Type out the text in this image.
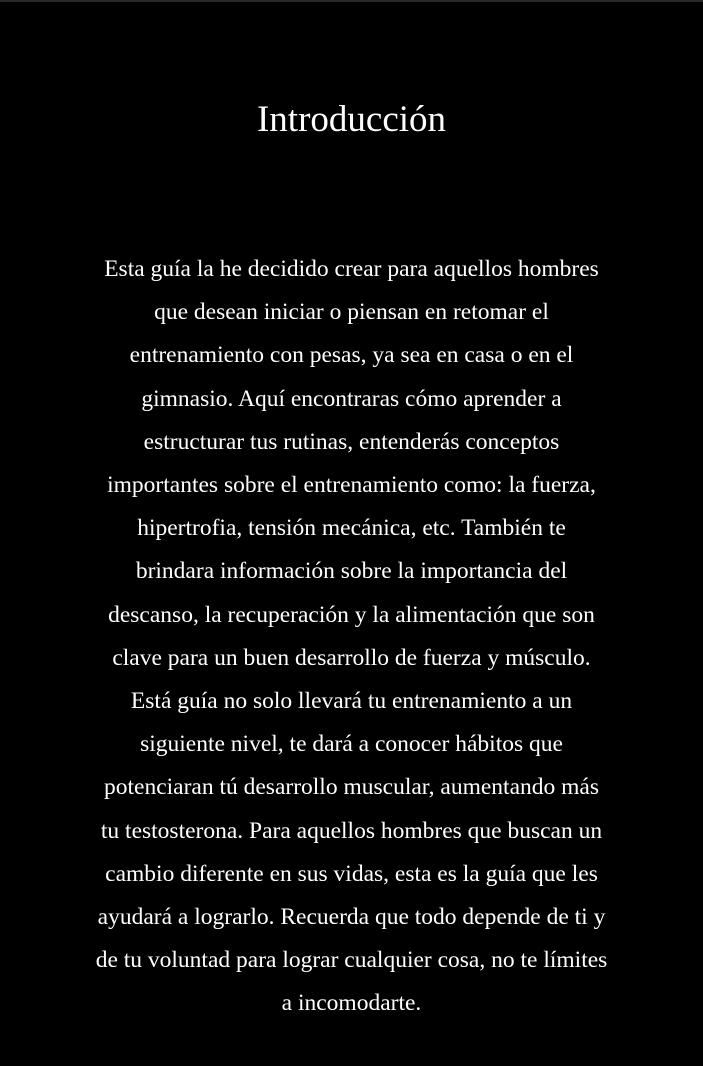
Introducción

Esta guía la he decidido crear para aquellos hombres
que desean iniciar o piensan en retomar el
entrenamiento con pesas, ya sea en casa o en el
gimnasio. Aquí encontraras cómo aprender a
estructurar tus rutinas, entenderás conceptos
importantes sobre el entrenamiento como: la fuerza,
hipertrofia, tensión mecánica, etc. También te
brindara información sobre la importancia del
descanso, la recuperación y la alimentación que son
clave para un buen desarrollo de fuerza y músculo.
Está guía no solo llevará tu entrenamiento a un
siguiente nivel, te dará a conocer hábitos que
potenciaran tú desarrollo muscular, aumentando más
tu testosterona. Para aquellos hombres que buscan un
cambio diferente en sus vidas, esta es la guía que les
ayudará a lograrlo. Recuerda que todo depende de ti y
de tu voluntad para lograr cualquier cosa, no te límites
a incomodarte.
